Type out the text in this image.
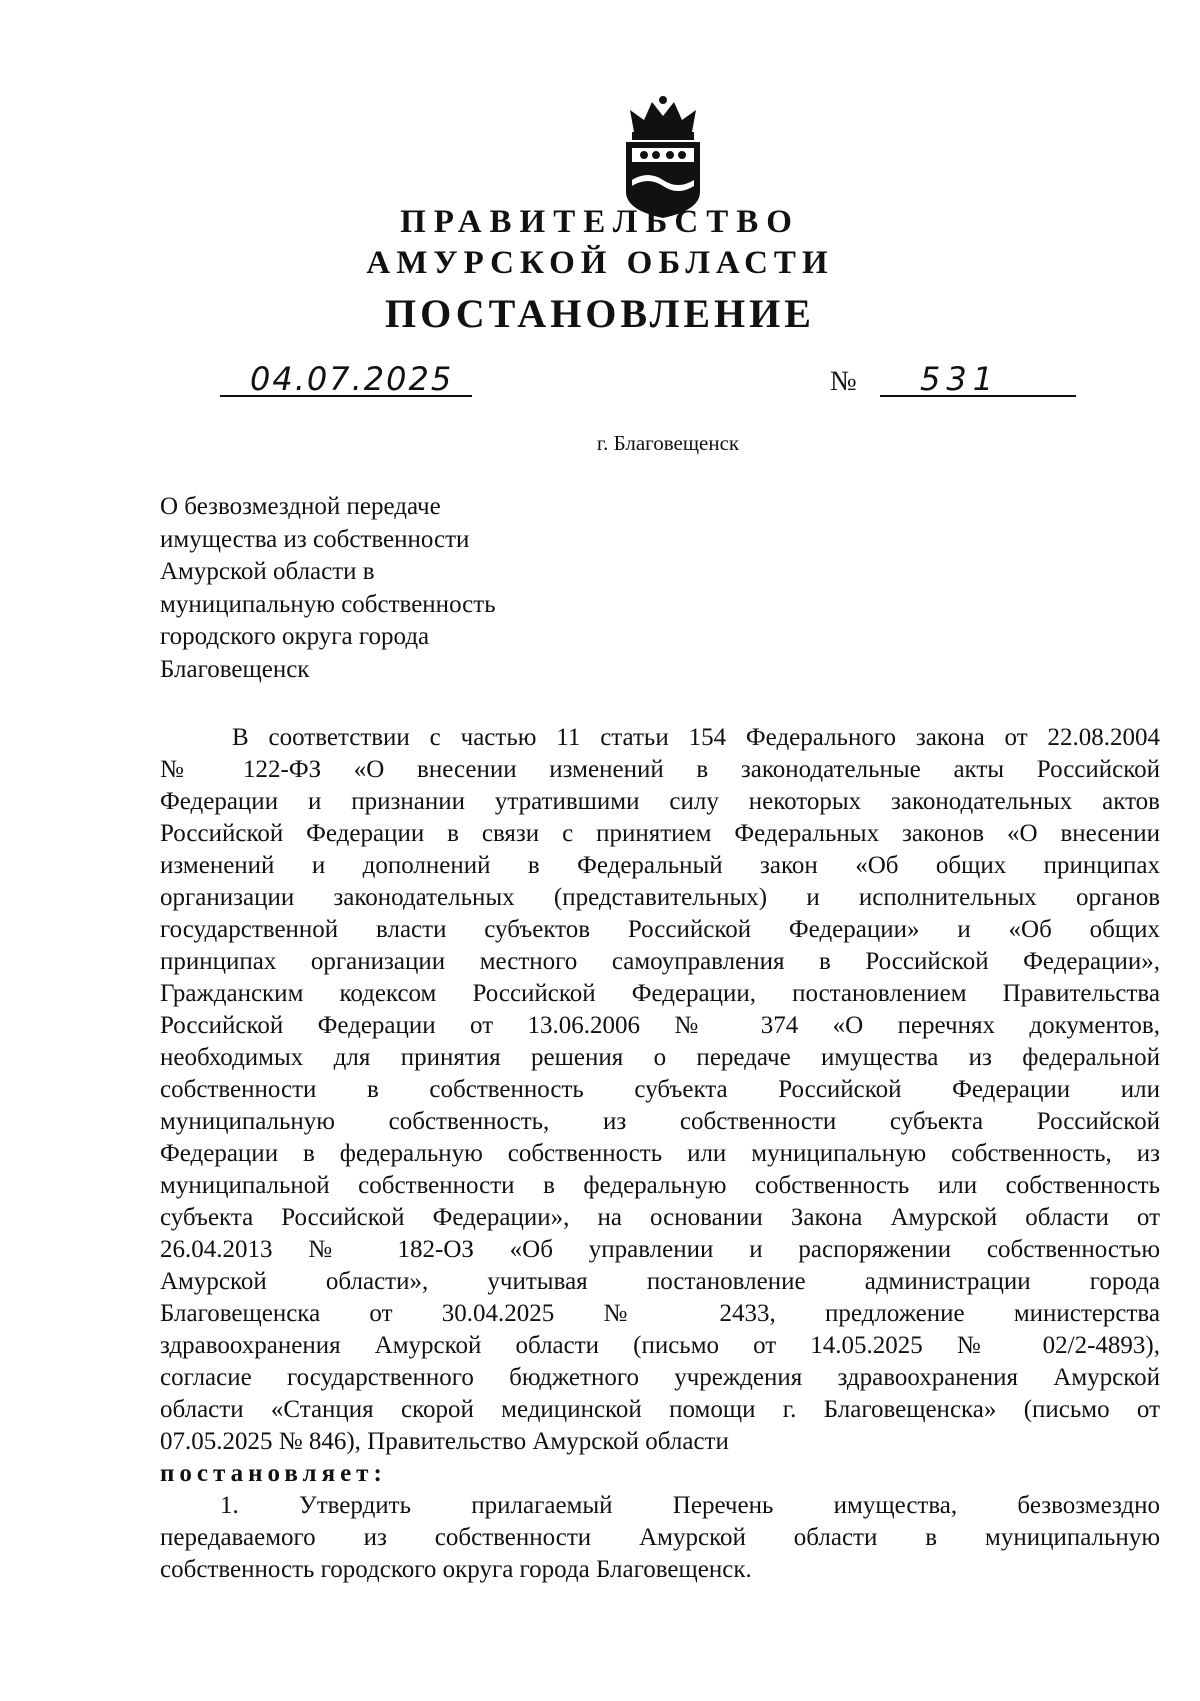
ПРАВИТЕЛЬСТВО
АМУРСКОЙ ОБЛАСТИ
ПОСТАНОВЛЕНИЕ
04.07.2025	№ 531
г. Благовещенск
О безвозмездной передаче
имущества из собственности
Амурской области в
муниципальную собственность
городского округа города
Благовещенск
В соответствии с частью 11 статьи 154 Федерального закона от 22.08.2004
№ 122-ФЗ «О внесении изменений в законодательные акты Российской
Федерации и признании утратившими силу некоторых законодательных актов
Российской Федерации в связи с принятием Федеральных законов «О внесении
изменений и дополнений в Федеральный закон «Об общих принципах
организации законодательных (представительных) и исполнительных органов
государственной власти субъектов Российской Федерации» и «Об общих
принципах организации местного самоуправления в Российской Федерации»,
Гражданским кодексом Российской Федерации, постановлением Правительства
Российской Федерации от 13.06.2006 № 374 «О перечнях документов,
необходимых для принятия решения о передаче имущества из федеральной
собственности в собственность субъекта Российской Федерации или
муниципальную собственность, из собственности субъекта Российской
Федерации в федеральную собственность или муниципальную собственность, из
муниципальной собственности в федеральную собственность или собственность
субъекта Российской Федерации», на основании Закона Амурской области от
26.04.2013 № 182-ОЗ «Об управлении и распоряжении собственностью
Амурской области», учитывая постановление администрации города
Благовещенска от 30.04.2025 № 2433, предложение министерства
здравоохранения Амурской области (письмо от 14.05.2025 № 02/2-4893),
согласие государственного бюджетного учреждения здравоохранения Амурской
области «Станция скорой медицинской помощи г. Благовещенска» (письмо от
07.05.2025 № 846), Правительство Амурской области
постановляет:
1. Утвердить прилагаемый Перечень имущества, безвозмездно
передаваемого из собственности Амурской области в муниципальную
собственность городского округа города Благовещенск.
